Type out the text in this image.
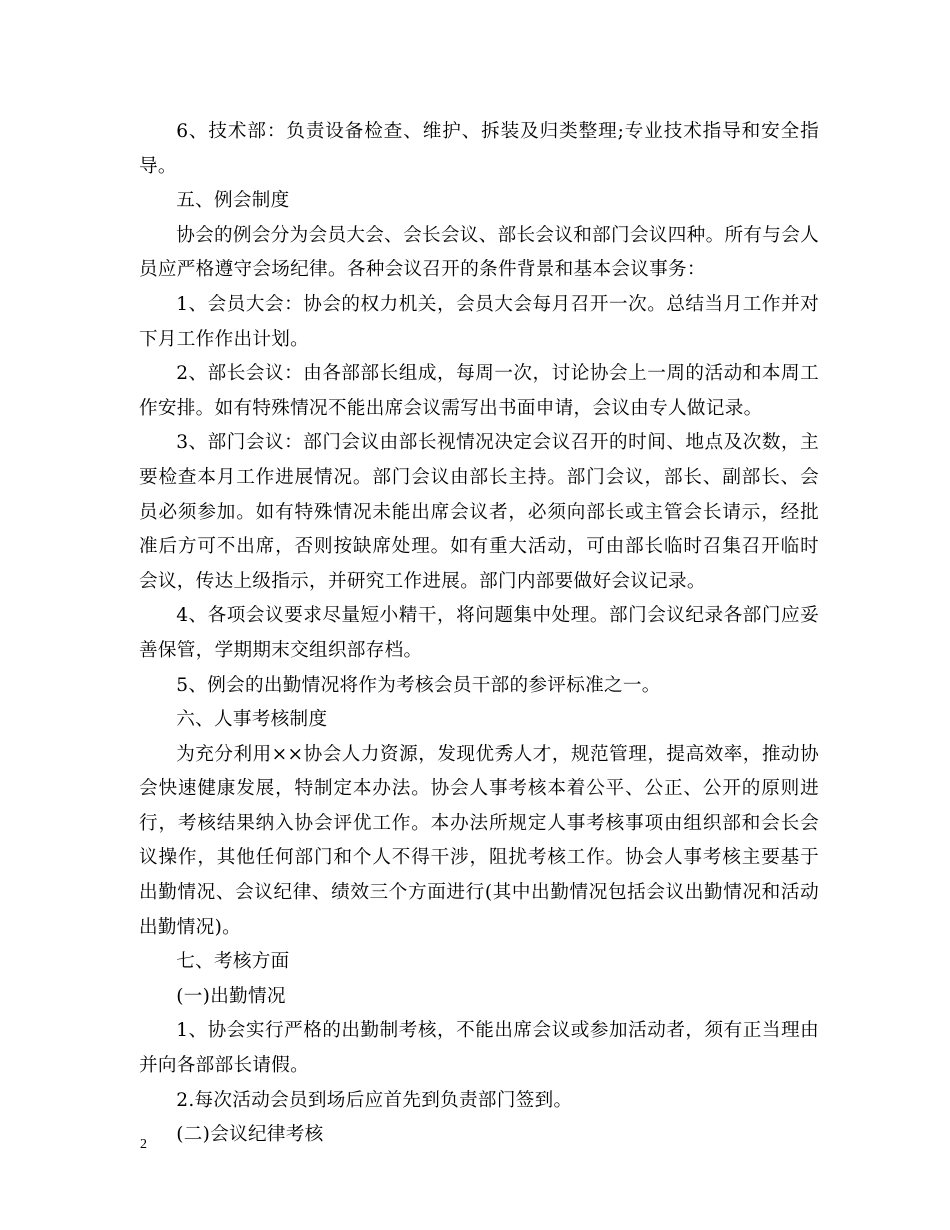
6、技术部：负责设备检查、维护、拆装及归类整理;专业技术指导和安全指导。

五、例会制度

协会的例会分为会员大会、会长会议、部长会议和部门会议四种。所有与会人员应严格遵守会场纪律。各种会议召开的条件背景和基本会议事务：

1、会员大会：协会的权力机关，会员大会每月召开一次。总结当月工作并对下月工作作出计划。

2、部长会议：由各部部长组成，每周一次，讨论协会上一周的活动和本周工作安排。如有特殊情况不能出席会议需写出书面申请，会议由专人做记录。

3、部门会议：部门会议由部长视情况决定会议召开的时间、地点及次数，主要检查本月工作进展情况。部门会议由部长主持。部门会议，部长、副部长、会员必须参加。如有特殊情况未能出席会议者，必须向部长或主管会长请示，经批准后方可不出席，否则按缺席处理。如有重大活动，可由部长临时召集召开临时会议，传达上级指示，并研究工作进展。部门内部要做好会议记录。

4、各项会议要求尽量短小精干，将问题集中处理。部门会议纪录各部门应妥善保管，学期期末交组织部存档。

5、例会的出勤情况将作为考核会员干部的参评标准之一。

六、人事考核制度

为充分利用××协会人力资源，发现优秀人才，规范管理，提高效率，推动协会快速健康发展，特制定本办法。协会人事考核本着公平、公正、公开的原则进行，考核结果纳入协会评优工作。本办法所规定人事考核事项由组织部和会长会议操作，其他任何部门和个人不得干涉，阻扰考核工作。协会人事考核主要基于出勤情况、会议纪律、绩效三个方面进行(其中出勤情况包括会议出勤情况和活动出勤情况)。

七、考核方面

(一)出勤情况

1、协会实行严格的出勤制考核，不能出席会议或参加活动者，须有正当理由并向各部部长请假。

2.每次活动会员到场后应首先到负责部门签到。

(二)会议纪律考核

2
